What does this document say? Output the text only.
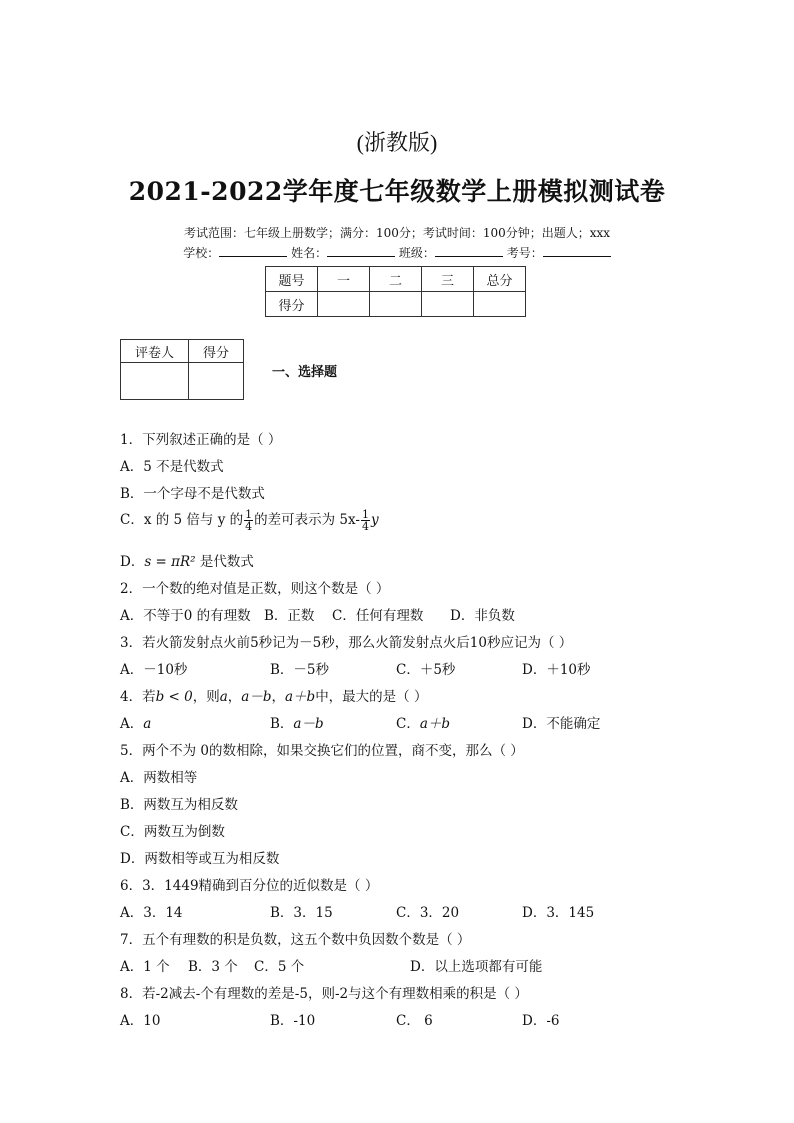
(浙教版)
2021-2022学年度七年级数学上册模拟测试卷
考试范围：七年级上册数学；满分：100分；考试时间：100分钟；出题人；xxx
学校：	姓名：	班级：	考号：
题号	一	二	三	总分
得分				
评卷人	得分

一、选择题
1．下列叙述正确的是（ ）
A．5 不是代数式
B．一个字母不是代数式
C．x 的 5 倍与 y 的 $\frac{1}{4}$ 的差可表示为 $5x- \frac{1}{4}$ y
D．s = πR² 是代数式
2．一个数的绝对值是正数，则这个数是（ ）
A．不等于0 的有理数 B．正数 C．任何有理数 D．非负数
3．若火箭发射点火前5秒记为－5秒，那么火箭发射点火后10秒应记为（ ）
A．－10秒	B．－5秒	C．＋5秒	D．＋10秒
4．若b < 0，则a，a－b，a＋b中，最大的是（ ）
A．a	B．a－b	C．a＋b	D．不能确定
5．两个不为 0的数相除，如果交换它们的位置，商不变，那么（ ）
A．两数相等
B．两数互为相反数
C．两数互为倒数
D．两数相等或互为相反数
6．3．1449精确到百分位的近似数是（ ）
A．3．14	B．3．15	C．3．20	D．3．145
7．五个有理数的积是负数，这五个数中负因数个数是（ ）
A．1 个 B．3 个 C．5 个	D．以上选项都有可能
8．若-2减去-个有理数的差是-5，则-2与这个有理数相乘的积是（ ）
A．10	B．-10	C． 6	D．-6
